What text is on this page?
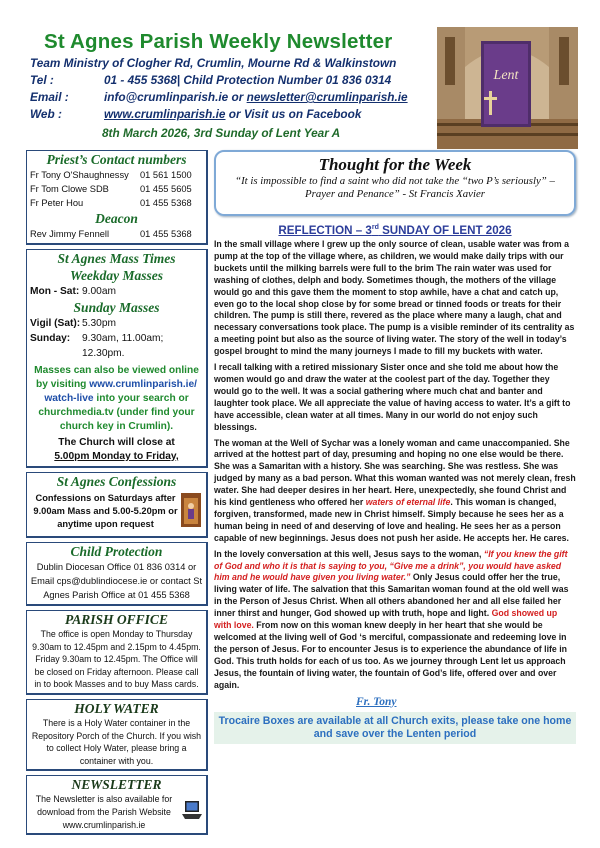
St Agnes Parish Weekly Newsletter
Team Ministry of Clogher Rd, Crumlin, Mourne Rd & Walkinstown
Tel :	01 - 455 5368| Child Protection Number 01 836 0314
Email :	info@crumlinparish.ie or newsletter@crumlinparish.ie
Web :	www.crumlinparish.ie or Visit us on Facebook
8th March 2026, 3rd Sunday of Lent Year A
Lent
Priest’s Contact numbers
Fr Tony O'Shaughnessy	01 561 1500
Fr Tom Clowe SDB	01 455 5605
Fr Peter Hou	01 455 5368
Deacon
Rev Jimmy Fennell	01 455 5368
St Agnes Mass Times
Weekday Masses
Mon - Sat: 9.00am
Sunday Masses
Vigil (Sat): 5.30pm
Sunday:	9.30am, 11.00am;
12.30pm.
Masses can also be viewed online by visiting www.crumlinparish.ie/ watch-live into your search or churchmedia.tv (under find your church key in Crumlin).
The Church will close at
5.00pm Monday to Friday,
St Agnes Confessions
Confessions on Saturdays after 9.00am Mass and 5.00-5.20pm or anytime upon request
Child Protection
Dublin Diocesan Office 01 836 0314 or Email cps@dublindiocese.ie or contact St Agnes Parish Office at 01 455 5368
PARISH OFFICE
The office is open Monday to Thursday 9.30am to 12.45pm and 2.15pm to 4.45pm. Friday 9.30am to 12.45pm. The Office will be closed on Friday afternoon. Please call in to book Masses and to buy Mass cards.
HOLY WATER
There is a Holy Water container in the Repository Porch of the Church. If you wish to collect Holy Water, please bring a container with you.
NEWSLETTER
The Newsletter is also available for download from the Parish Website www.crumlinparish.ie
Thought for the Week

“It is impossible to find a saint who did not take the “two P’s seriously” –Prayer and Penance” - St Francis Xavier

REFLECTION – 3rd SUNDAY OF LENT 2026

In the small village where I grew up the only source of clean, usable water was from a pump at the top of the village where, as children, we would make daily trips with our buckets until the milking barrels were full to the brim The rain water was used for washing of clothes, delph and body. Sometimes though, the mothers of the village would go and this gave them the moment to stop awhile, have a chat and catch up, even go to the local shop close by for some bread or tinned foods or treats for their children. The pump is still there, revered as the place where many a laugh, chat and necessary conversations took place. The pump is a visible reminder of its centrality as a meeting point but also as the source of living water. The story of the well in today’s gospel brought to mind the many journeys I made to fill my buckets with water.

I recall talking with a retired missionary Sister once and she told me about how the women would go and draw the water at the coolest part of the day. Together they would go to the well. It was a social gathering where much chat and banter and laughter took place. We all appreciate the value of having access to water. It’s a gift to have accessible, clean water at all times. Many in our world do not enjoy such blessings.

The woman at the Well of Sychar was a lonely woman and came unaccompanied. She arrived at the hottest part of day, presuming and hoping no one else would be there. She was a Samaritan with a history. She was searching. She was restless. She was judged by many as a bad person. What this woman wanted was not merely clean, fresh water. She had deeper desires in her heart. Here, unexpectedly, she found Christ and his kind gentleness who offered her waters of eternal life. This woman is changed, forgiven, transformed, made new in Christ himself. Simply because he sees her as a human being in need of and deserving of love and healing. He sees her as a person capable of new beginnings. Jesus does not push her aside. He accepts her. He cares.

In the lovely conversation at this well, Jesus says to the woman, “If you knew the gift of God and who it is that is saying to you, “Give me a drink”, you would have asked him and he would have given you living water.” Only Jesus could offer her the true, living water of life. The salvation that this Samaritan woman found at the old well was in the Person of Jesus Christ. When all others abandoned her and all else failed her inner thirst and hunger, God showed up with truth, hope and light. God showed up with love. From now on this woman knew deeply in her heart that she would be welcomed at the living well of God ‘s merciful, compassionate and redeeming love in the person of Jesus. For to encounter Jesus is to experience the abundance of life in God. This truth holds for each of us too. As we journey through Lent let us approach Jesus, the fountain of living water, the fountain of God’s life, offered over and over again.

Fr. Tony
Trocaire Boxes are available at all Church exits, please take one home and save over the Lenten period
